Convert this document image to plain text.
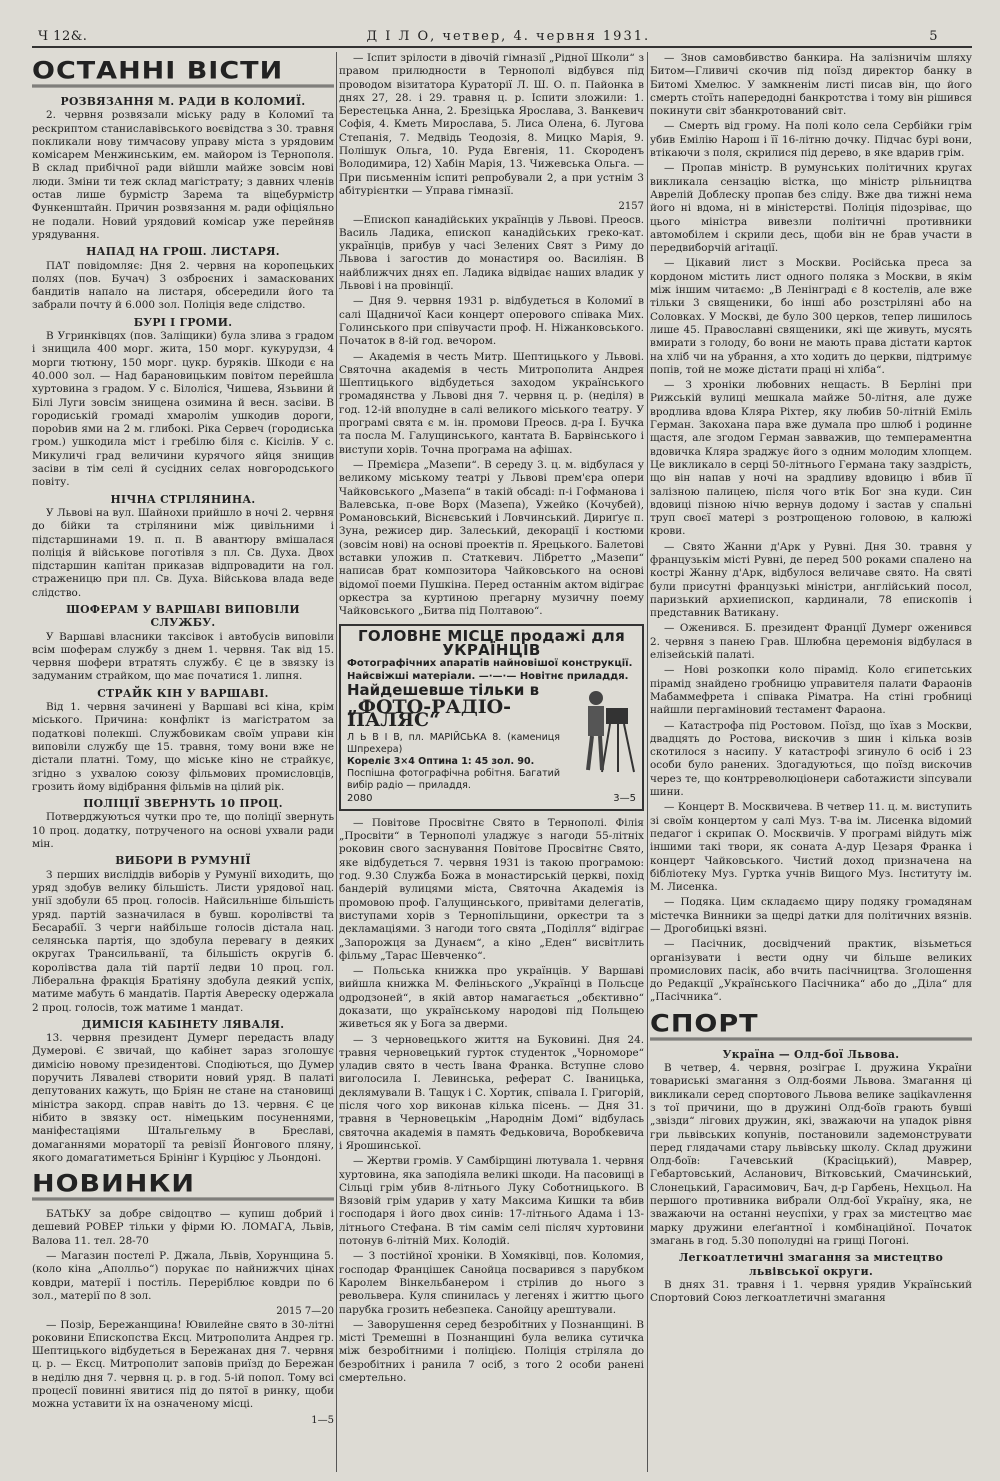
Ч 12&.	Д І Л О, четвер, 4. червня 1931.	5
ОСТАННІ ВІСТИ
РОЗВЯЗАННЯ М. РАДИ В КОЛОМИЇ.

2. червня розвязали міську раду в Коломиї та рескриптом станиславівського воєвідства з 30. травня покликали нову тимчасову управу міста з урядовим комісарем Менжинським, ем. майором із Тернополя. В склад прибічної ради війшли майже зовсім нові люди. Зміни ти теж склад магістрату; з давних членів остав лише бурмістр Зарема та віцебурмістр Функенштайн. Причин розвязання м. ради офіціяльно не подали. Новий урядовий комісар уже перейняв урядування.

НАПАД НА ГРОШ. ЛИСТАРЯ.

ПАТ повідомляє: Дня 2. червня на коропецьких полях (пов. Бучач) 3 озброєних і замаскованих бандитів напало на листаря, обсередили його та забрали почту й 6.000 зол. Поліція веде слідство.

БУРІ І ГРОМИ.

В Угринківцях (пов. Заліщики) була злива з градом і знищила 400 морг. жита, 150 морг. кукурудзи, 4 морги тютюну, 150 морг. цукр. буряків. Шкоди є на 40.000 зол. — Над барановицьким повітом перейшла хуртовина з градом. У с. Білоліся, Чишева, Язьвини й Білі Луги зовсім знищена озимина й весн. засіви. В городиській громаді хмаролім ушкодив дороги, порobив ями на 2 м. глибокі. Ріка Сервеч (городиська гром.) ушкодила міст і гребілю біля с. Кісілів. У с. Микуличі град величини курячого яйця знищив засіви в тім селі й сусідних селах новгородського повіту.

НІЧНА СТРІЛЯНИНА.

У Львові на вул. Шайноxи прийшло в ночі 2. червня до бійки та стрілянини між цивільними і підстаршинами 19. п. п. В авантюру вмішалася поліція й військове поготівля з пл. Св. Духа. Двох підстаршин капітан приказав відпровадити на гол. страженицю при пл. Св. Духа. Військова влада веде слідство.

ШОФЕРАМ У ВАРШАВІ ВИПОВІЛИ СЛУЖБУ.

У Варшаві власники таксівок і автобусів виповіли всім шоферам службу з днем 1. червня. Так від 15. червня шофери втратять службу. Є це в звязку із задуманим страйком, що має початися 1. липня.

СТРАЙК КІН У ВАРШАВІ.

Від 1. червня зачинені у Варшаві всі кіна, крім міського. Причина: конфлікт із магістратом за податкові полекші. Службовикам своїм управи кін виповіли службу ще 15. травня, тому вони вже не дістали платні. Тому, що міське кіно не страйкує, згідно з ухвалою союзу фільмових промисловців, грозить йому відібрання фільмів на цілий рік.

ПОЛІЦІЇ ЗВЕРНУТЬ 10 ПРОЦ.

Потверджуються чутки про те, що поліції звернуть 10 проц. додатку, потрученого на основі ухвали ради мін.

ВИБОРИ В РУМУНІЇ

З перших висліддів виборів у Румунії виходить, що уряд здобув велику більшість. Листи урядової нац. унії здобули 65 проц. голосів. Найсильніше більшість уряд. партій зазначилася в бувш. королівстві та Бесарабії. З черги найбільше голосів дістала нац. селянська партія, що здобула перевагу в деяких округах Трансильванії, та більшість округів б. королівства дала тій партії ледви 10 проц. гол. Ліберальна фракція Братіяну здобула деякий успіх, матиме мабуть 6 мандатів. Партія Авереску одержала 2 проц. голосів, тож матиме 1 мандат.

ДИМІСІЯ КАБІНЕТУ ЛЯВАЛЯ.

13. червня президент Думерг передасть владу Думерові. Є звичай, що кабінет зараз зголошує димісію новому президентові. Сподіються, що Думер поручить Лявалеві створити новий уряд. В палаті депутованих кажуть, що Бріян не стане на становищі міністра закорд. справ навіть до 13. червня. Є це нібито в звязку ост. німецьким посуненнями, маніфестаціями Штальгельму в Бреславі, домаганнями мораторії та ревізії Йонгового пляну, якого домагатиметься Брінінг і Курціюс у Льондоні.

НОВИНКИ

БАТЬКУ за добре свідоцтво — купиш добрий і дешевий РОВЕР тільки у фірми Ю. ЛОМАГА, Львів, Валова 11. тел. 28-70

— Магазин постелі Р. Джала, Львів, Хорунщина 5. (коло кіна „Аполльо“) порукає по найнижчих цінах ковдри, матерії і постіль. Переріблює ковдри по 6 зол., матерії по 8 зол.

2015 7—20

— Позір, Бережанщина! Ювилейне свято в 30-літні роковини Епископства Ексц. Митрополита Андрея гр. Шептицького відбудеться в Бережанах дня 7. червня ц. р. — Ексц. Митрополит заповів приїзд до Бережан в неділю дня 7. червня ц. р. в год. 5-ій попол. Тому всі процесії повинні явитися під до пятої в ринку, щоби можна уставити їх на означеному місці.

1—5

— Іспит зрілости в дівочій гімназії „Рідної Школи“ з правом прилюдности в Тернополі відбувся під проводом візитатора Кураторії Л. Ш. О. п. Пайонка в днях 27, 28. і 29. травня ц. р. Іспити зложили: 1. Берестецька Анна, 2. Брезіцька Ярослава, 3. Ванкевич Софія, 4. Кметь Мирослава, 5. Лиса Олена, 6. Лугова Степанія, 7. Медвідь Теодозія, 8. Мицко Марія, 9. Полішук Ольга, 10. Руда Евгенія, 11. Скороденъ Володимира, 12) Хабін Марія, 13. Чижевська Ольга. — При письменнім іспиті репробували 2, а при устнім 3 абітурієнтки — Управа гімназії.

2157

—Епископ канадійських українців у Львові. Преосв. Василь Ладика, епископ канадійських греко-кат. українців, прибув у часі Зелених Свят з Риму до Львова і загостив до монастиря оо. Василіян. В найближчих днях еп. Ладика відвідає наших владик у Львові і на провінції.

— Дня 9. червня 1931 р. відбудеться в Коломиї в салі Щадничої Каси концерт оперового співака Мих. Голинського при співучасти проф. Н. Ніжанковського. Початок в 8-ій год. вечором.

— Академія в честь Митр. Шептицького у Львові. Святочна академія в честь Митрополита Андрея Шептицького відбудеться заходом українського громадянства у Львові дня 7. червня ц. р. (неділя) в год. 12-ій вполудне в салі великого міського театру. У програмі свята є м. ін. промови Преосв. д-ра І. Бучка та посла М. Галущинського, кантата В. Барвінського і виступи хорів. Точна програма на афішах.

— Премієра „Мазепи“. В середу 3. ц. м. відбулася у великому міському театрі у Львові прем'єра опери Чайковського „Мазепа“ в такій обсаді: п-і Гофманова і Валевська, п-ове Ворх (Мазепа), Ужейко (Кочубей), Романовський, Віснєвський і Ловчинський. Дириґує п. Зуна, режисер дир. Залеський, декорації і костюми (зовсім нові) на основі проектів п. Ярецького. Балетові вставки уложив п. Статкевич. Лібретто „Мазепи“ написав брат композитора Чайковського на основі відомої поеми Пушкіна. Перед останнім актом відіграє оркестра за куртиною прегарну музичну поему Чайковського „Битва під Полтавою“.

ГОЛОВНЕ МІСЦЕ продажі для УКРАЇНЦІВ
Фотографічних апаратів найновішої конструкції.
Найсвіжші матеріали. —·—·— Новітнє приладдя.
Найдешевше тільки в
„ФОТО-РАДІО-ПАЛЯС“
Л Ь В І В, пл. МАРІЙСЬКА 8. (камениця Шпрехера)
Кореліє 3×4 Оптина 1: 45 зол. 90.
Поспішна фотографічна робітня. Багатий вибір радіо — приладдя.
2080	3—5

— Повітове Просвітнє Свято в Тернополі. Філія „Просвіти“ в Тернополі уладжує з нагоди 55-літніх роковин свого заснування Повітове Просвітнє Свято, яке відбудеться 7. червня 1931 із такою програмою: год. 9.30 Служба Божа в монастирській церкві, похід бандерій вулицями міста, Святочна Академія із промовою проф. Галущинського, привітами делегатів, виступами хорів з Тернопільщини, оркестри та з декламаціями. З нагоди того свята „Поділля“ відіграє „Запорожця за Дунаєм“, а кіно „Еден“ висвітлить фільму „Тарас Шевченко“.

— Польська книжка про українців. У Варшаві вийшла книжка М. Феліньского „Українці в Польсце одродзоней“, в якій автор намагається „обєктивно“ доказати, що українському народові під Польщею живеться як у Бога за дверми.

— З черновецького життя на Буковині. Дня 24. травня черновецький гурток студенток „Чорноморе“ уладив свято в честь Івана Франка. Вступне слово виголосила І. Левинська, реферат С. Іваницька, деклямували В. Тащук і С. Хортик, співала І. Григорій, після чого хор виконав кілька пісень. — Дня 31. травня в Черновецькім „Народнім Домі“ відбулась святочна академія в память Федьковича, Воробкевича і Ярошинської.

— Жертви громів. У Самбірщині лютувала 1. червня хуртовина, яка заподіяла великі шкоди. На пасовищі в Сільці грім убив 8-літнього Луку Соботницького. В Вязовій грім ударив у хату Максима Кишки та вбив господаря і його двох синів: 17-літнього Адама і 13-літнього Стефана. В тім самім селі післяч хуртовини потонув 6-літній Мих. Колодій.

— З постійної хроніки. В Хомяківці, пов. Коломия, господар Францішек Санойца посварився з парубком Каролем Вінкельбанером і стрілив до нього з револьвера. Куля спинилась у легенях і життю цього парубка грозить небезпека. Санойцу арештували.

— Заворушення серед безробітних у Познанщині. В місті Тремешні в Познанщині була велика сутичка між безробітними і поліцією. Поліція стріляла до безробітних і ранила 7 осіб, з того 2 особи ранені смертельно.

— Знов самовбивство банкира. На залізничім шляху Битом—Гливичі скочив під поїзд директор банку в Битомі Хмелюс. У замкненім листі писав він, що його смерть стоїть напередодні банкротства і тому він рішився покинути світ збанкротований світ.

— Смерть від грому. На полі коло села Сербійки грім убив Емілію Нарош і її 16-літню дочку. Підчас бурі вони, втікаючи з поля, скрилися під дерево, в яке вдарив грім.

— Пропав міністр. В румунських політичних кругах викликала сензацію вістка, що міністр рільництва Аврелій Доблеску пропав без сліду. Вже два тижні нема його ні вдома, ні в міністерстві. Поліція підозріває, що цього міністра вивезли політичні противники автомобілем і скрили десь, щоби він не брав участи в передвиборчій агітації.

— Цікавий лист з Москви. Російська преса за кордоном містить лист одного поляка з Москви, в якім між іншим читаємо: „В Ленінграді є 8 костелів, але вже тільки 3 священики, бо інші або розстріляні або на Соловках. У Москві, де було 300 церков, тепер лишилось лише 45. Православні священики, які ще живуть, мусять вмирати з голоду, бо вони не мають права дістати карток на хліб чи на убрання, а хто ходить до церкви, підтримує попів, той не може дістати праці ні хліба“.

— З хроніки любовних нещасть. В Берліні при Рижській вулиці мешкала майже 50-літня, але дуже вродлива вдова Кляра Ріхтер, яку любив 50-літній Еміль Герман. Закохана пара вже думала про шлюб і родинне щастя, але згодом Герман завважив, що темпераментна вдовичка Кляра зраджує його з одним молодим хлопцем. Це викликало в серці 50-літнього Германа таку заздрість, що він напав у ночі на зрадливу вдовицю і вбив її залізною палицею, після чого втік Бог зна куди. Син вдовиці пізною нічю вернув додому і застав у спальні труп своєї матері з розтрощеною головою, в калюжі крови.

— Свято Жанни д'Арк у Рувні. Дня 30. травня у французькім місті Рувні, де перед 500 роками спалено на кострі Жанну д'Арк, відбулося величаве свято. На святі були присутні французькі міністри, англійський посол, паризький архиепископ, кардинали, 78 епископів і представник Ватикану.

— Оженився. Б. президент Франції Думерг оженився 2. червня з панею Грав. Шлюбна церемонія відбулася в елізейській палаті.

— Нові розкопки коло пірамід. Коло єгипетських пірамід знайдено гробницю управителя палати Фараонів Мабаммефрета і співака Ріматра. На стіні гробниці найшли пергаміновий тестамент Фараона.

— Катастрофа під Ростовом. Поїзд, що їхав з Москви, двадцять до Ростова, вискочив з шин і кілька возів скотилося з насипу. У катастрофі згинуло 6 осіб і 23 особи було ранених. Здогадуються, що поїзд вискочив через те, що контрреволюціонери саботажисти зіпсували шини.

— Концерт В. Москвичева. В четвер 11. ц. м. виступить зі своїм концертом у салі Муз. Т-ва ім. Лисенка відомий педагог і скрипак О. Москвичів. У програмі війдуть між іншими такі твори, як соната А-дур Цезаря Франка і концерт Чайковського. Чистий доход призначена на бібліотеку Муз. Гуртка учнів Вищого Муз. Інституту ім. М. Лисенка.

— Подяка. Цим складаємо щиру подяку громадянам містечка Винники за щедрі датки для політичних вязнів. — Дрогобицькі вязні.

— Пасічник, досвідчений практик, візьметься організувати і вести одну чи більше великих промислових пасік, або вчить пасічництва. Зголошення до Редакції „Українського Пасічника“ або до „Діла“ для „Пасічника“.

СПОРТ
Україна — Олд-бої Львова.

В четвер, 4. червня, розіграє І. дружина України товариські змагання з Олд-боями Львова. Змагання ці викликали серед спортового Львова велике заціkavлення з тої причини, що в дружині Олд-боїв грають бувші „звізди“ ліговиx дружин, які, зважаючи на упадок рівня гри львівських копунів, постановили задемонструвати перед глядачами стару львівську школу. Склад дружини Олд-боїв: Гачевський (Красіцький), Маврер, Гебартовський, Асланович, Вітковський, Смачинський, Слонецький, Гарасимович, Бач, д-р Гарбень, Нехцьол. На першого противника вибрали Олд-бої Україну, яка, не зважаючи на останні неуспіхи, у грах за мистецтво має марку дружини елеґантної і комбінаційної. Початок змагань в год. 5.30 пополудні на грищі Погоні.

Легкоатлетичні змагання за мистецтво львівської округи.

В днях 31. травня і 1. червня урядив Український Спортовий Союз легкоатлетичні змагання
